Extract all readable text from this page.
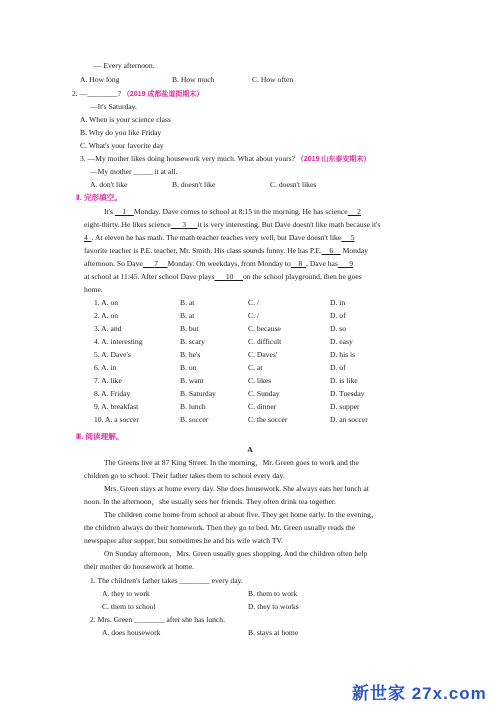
— Every afternoon.
A. How long	B. How much	C. How often
2. —________? （2019 成都盐道街期末）
—It's Saturday.
A. When is your science class
B. Why do you like Friday
C. What's your favorite day
3. —My mother likes doing housework very much. What about yours? （2019 山东泰安期末）
—My mother _____ it at all.
A. don't like	B. doesn't like	C. doesn't likes
Ⅱ. 完形填空。
It's 1 Monday. Dave comes to school at 8:15 in the morning. He has science 2
eight-thirty. He likes science 3 it is very interesting. But Dave doesn't like math because it's
4 . At eleven he has math. The math teacher teaches very well, but Dave doesn't like 5
favorite teacher is P.E. teacher, Mr. Smith. His class sounds funny. He has P.E. 6 Monday
afternoon. So Dave 7 Monday. On weekdays, from Monday to 8 , Dave has 9
at school at 11:45. After school Dave plays 10 on the school playground, then he goes
home.
1. A. on	B. at	C. /	D. in
2. A. on	B. at	C. /	D. of
3. A. and	B. but	C. because	D. so
4. A. interesting	B. scary	C. difficult	D. easy
5. A. Dave's	B. he's	C. Daves'	D. his is
6. A. in	B. on	C. at	D. of
7. A. like	B. want	C. likes	D. is like
8. A. Friday	B. Saturday	C. Sunday	D. Tuesday
9. A. breakfast	B. lunch	C. dinner	D. supper
10. A. a soccer	B. soccer	C. the soccer	D. an soccer
Ⅲ. 阅读理解。
A
The Greens live at 87 King Street. In the morning，Mr. Green goes to work and the
children go to school. Their father takes them to school every day.
Mrs. Green stays at home every day. She does housework. She always eats her lunch at
noon. In the afternoon，she usually sees her friends. They often drink tea together.
The children come home from school at about five. They get home early. In the evening，
the children always do their homework. Then they go to bed. Mr. Green usually reads the
newspaper after supper, but sometimes he and his wife watch TV.
On Sunday afternoon，Mrs. Green usually goes shopping. And the children often help
their mother do housework at home.
1. The children's father takes ________ every day.
A. they to work	B. them to work
C. them to school	D. they to works
2. Mrs. Green ________ after she has lunch.
A. does housework	B. stays at home
新世家 27x.com
